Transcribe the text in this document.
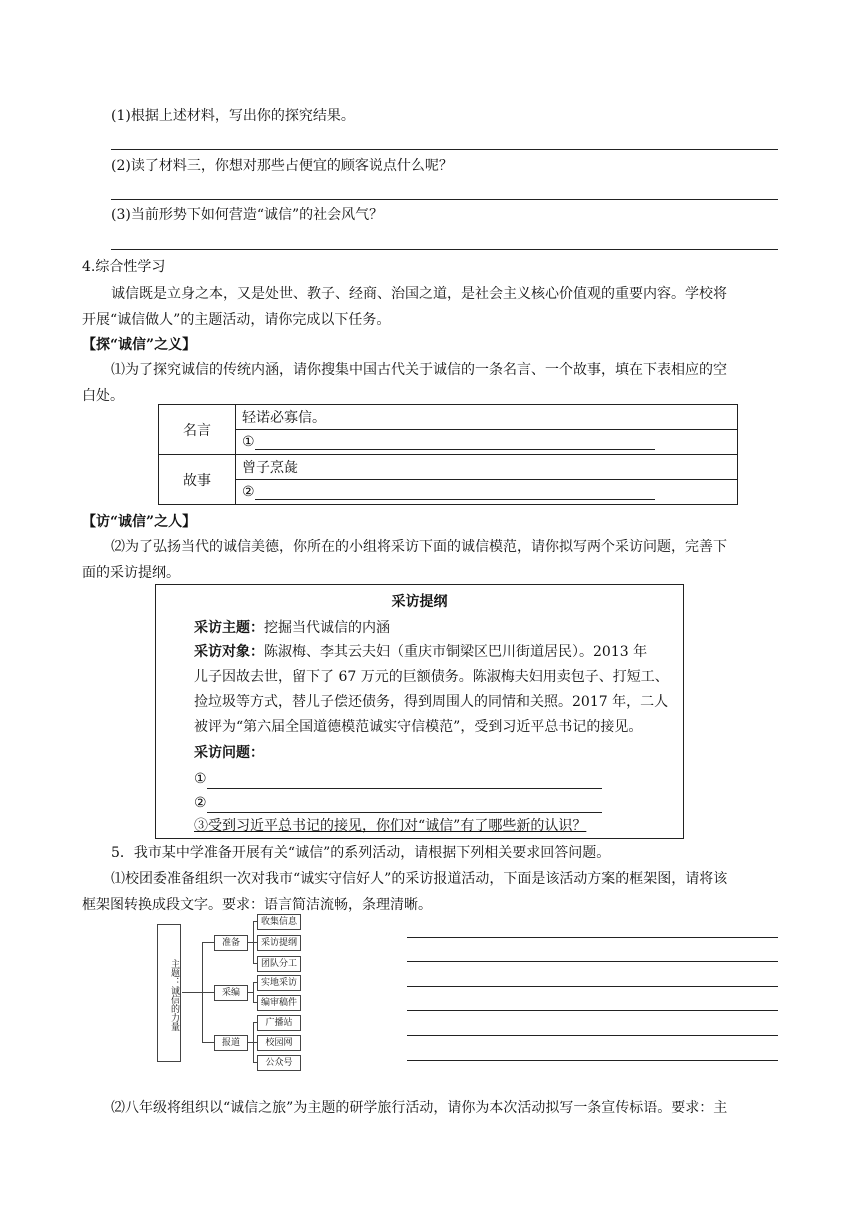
(1)根据上述材料，写出你的探究结果。
(2)读了材料三，你想对那些占便宜的顾客说点什么呢？
(3)当前形势下如何营造“诚信”的社会风气？
4.综合性学习
诚信既是立身之本，又是处世、教子、经商、治国之道，是社会主义核心价值观的重要内容。学校将
开展“诚信做人”的主题活动，请你完成以下任务。
【探“诚信”之义】
⑴为了探究诚信的传统内涵，请你搜集中国古代关于诚信的一条名言、一个故事，填在下表相应的空
白处。
名言	轻诺必寡信。
	①
故事	曾子烹彘
	②
【访“诚信”之人】
⑵为了弘扬当代的诚信美德，你所在的小组将采访下面的诚信模范，请你拟写两个采访问题，完善下
面的采访提纲。
采访提纲
采访主题：挖掘当代诚信的内涵
采访对象：陈淑梅、李其云夫妇（重庆市铜梁区巴川街道居民）。2013 年
儿子因故去世，留下了 67 万元的巨额债务。陈淑梅夫妇用卖包子、打短工、
捡垃圾等方式，替儿子偿还债务，得到周围人的同情和关照。2017 年，二人
被评为“第六届全国道德模范诚实守信模范”，受到习近平总书记的接见。
采访问题：
①
②
③受到习近平总书记的接见，你们对“诚信”有了哪些新的认识？
5．我市某中学准备开展有关“诚信”的系列活动，请根据下列相关要求回答问题。
⑴校团委准备组织一次对我市“诚实守信好人”的采访报道活动，下面是该活动方案的框架图，请将该
框架图转换成段文字。要求：语言简洁流畅，条理清晰。
主题：诚信的力量
准备
采编
报道
收集信息
采访提纲
团队分工
实地采访
编审稿件
广播站
校园网
公众号
⑵八年级将组织以“诚信之旅”为主题的研学旅行活动，请你为本次活动拟写一条宣传标语。要求：主
